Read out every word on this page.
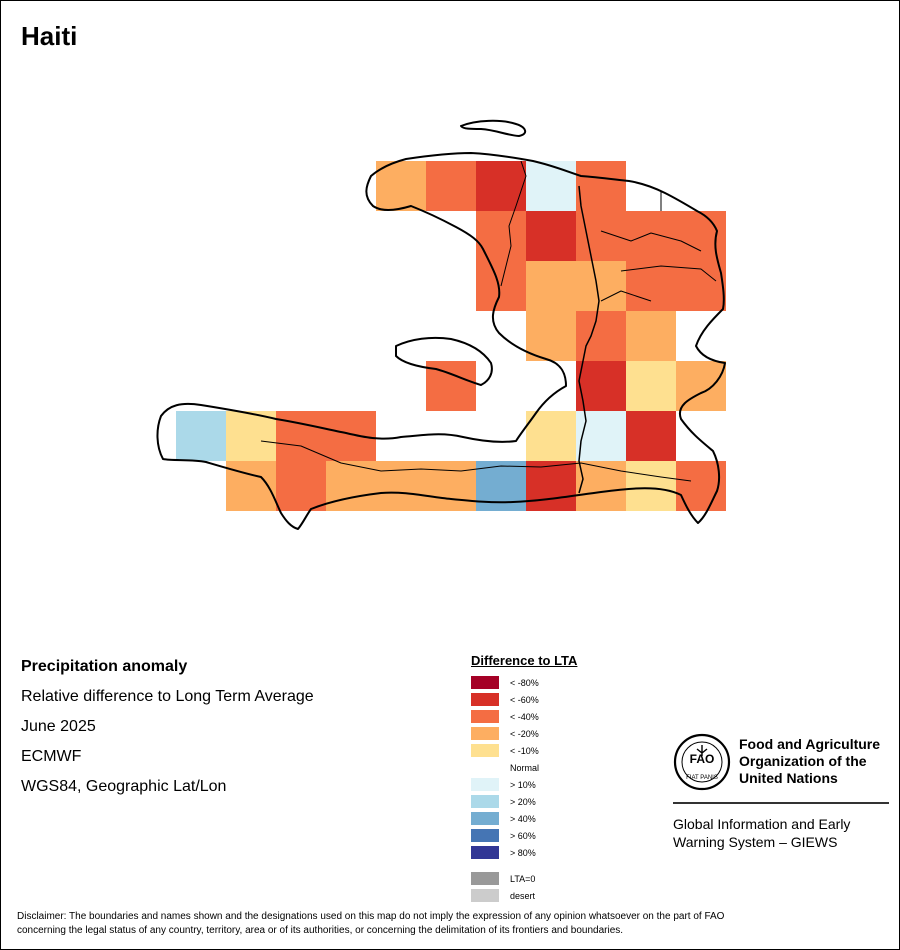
Haiti
Precipitation anomaly
Relative difference to Long Term Average
June 2025
ECMWF
WGS84, Geographic Lat/Lon
Difference to LTA
< -80%
< -60%
< -40%
< -20%
< -10%
Normal
> 10%
> 20%
> 40%
> 60%
> 80%
LTA=0
desert
FAO
FIAT PANIS
Food and Agriculture
Organization of the
United Nations
Global Information and Early
Warning System – GIEWS
Disclaimer: The boundaries and names shown and the designations used on this map do not imply the expression of any opinion whatsoever on the part of FAO
concerning the legal status of any country, territory, area or of its authorities, or concerning the delimitation of its frontiers and boundaries.
